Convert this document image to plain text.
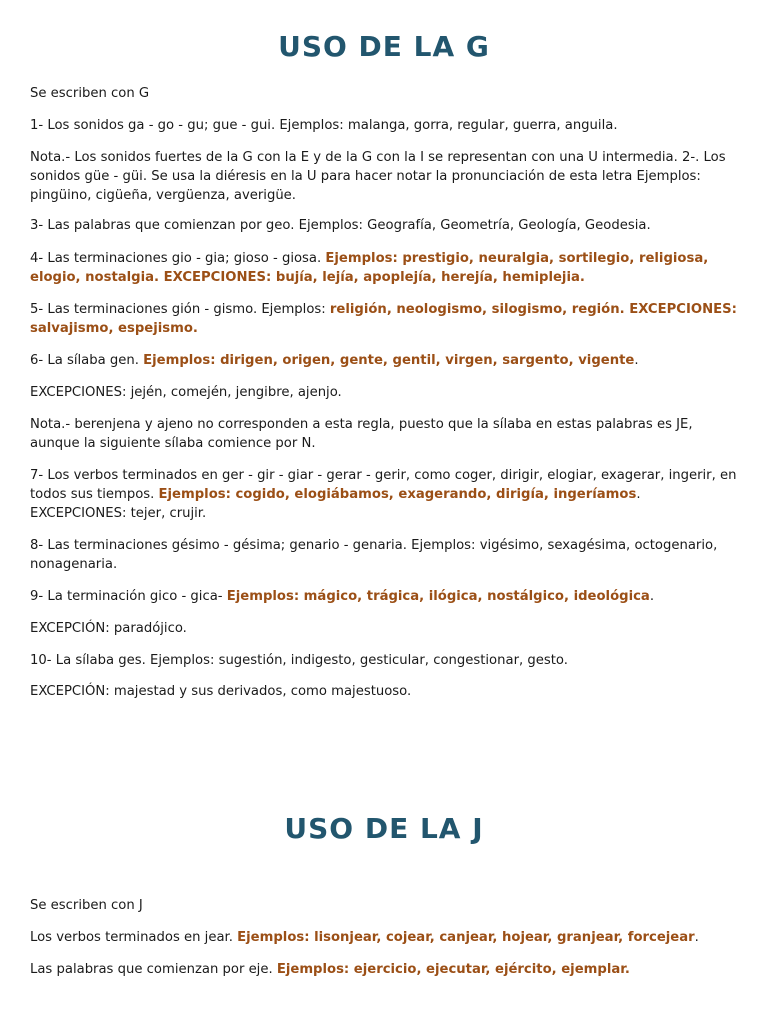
USO DE LA G

Se escriben con G

1- Los sonidos ga - go - gu; gue - gui. Ejemplos: malanga, gorra, regular, guerra, anguila.

Nota.- Los sonidos fuertes de la G con la E y de la G con la I se representan con una U intermedia. 2-. Los sonidos güe - güi. Se usa la diéresis en la U para hacer notar la pronunciación de esta letra Ejemplos: pingüino, cigüeña, vergüenza, averigüe.

3- Las palabras que comienzan por geo. Ejemplos: Geografía, Geometría, Geología, Geodesia.

4- Las terminaciones gio - gia; gioso - giosa. Ejemplos: prestigio, neuralgia, sortilegio, religiosa, elogio, nostalgia. EXCEPCIONES: bujía, lejía, apoplejía, herejía, hemiplejia.

5- Las terminaciones gión - gismo. Ejemplos: religión, neologismo, silogismo, región. EXCEPCIONES: salvajismo, espejismo.

6- La sílaba gen. Ejemplos: dirigen, origen, gente, gentil, virgen, sargento, vigente.

EXCEPCIONES: jején, comején, jengibre, ajenjo.

Nota.- berenjena y ajeno no corresponden a esta regla, puesto que la sílaba en estas palabras es JE, aunque la siguiente sílaba comience por N.

7- Los verbos terminados en ger - gir - giar - gerar - gerir, como coger, dirigir, elogiar, exagerar, ingerir, en todos sus tiempos. Ejemplos: cogido, elogiábamos, exagerando, dirigía, ingeríamos. EXCEPCIONES: tejer, crujir.

8- Las terminaciones gésimo - gésima; genario - genaria. Ejemplos: vigésimo, sexagésima, octogenario, nonagenaria.

9- La terminación gico - gica- Ejemplos: mágico, trágica, ilógica, nostálgico, ideológica.

EXCEPCIÓN: paradójico.

10- La sílaba ges. Ejemplos: sugestión, indigesto, gesticular, congestionar, gesto.

EXCEPCIÓN: majestad y sus derivados, como majestuoso.

USO DE LA J

Se escriben con J

Los verbos terminados en jear. Ejemplos: lisonjear, cojear, canjear, hojear, granjear, forcejear.

Las palabras que comienzan por eje. Ejemplos: ejercicio, ejecutar, ejército, ejemplar.
